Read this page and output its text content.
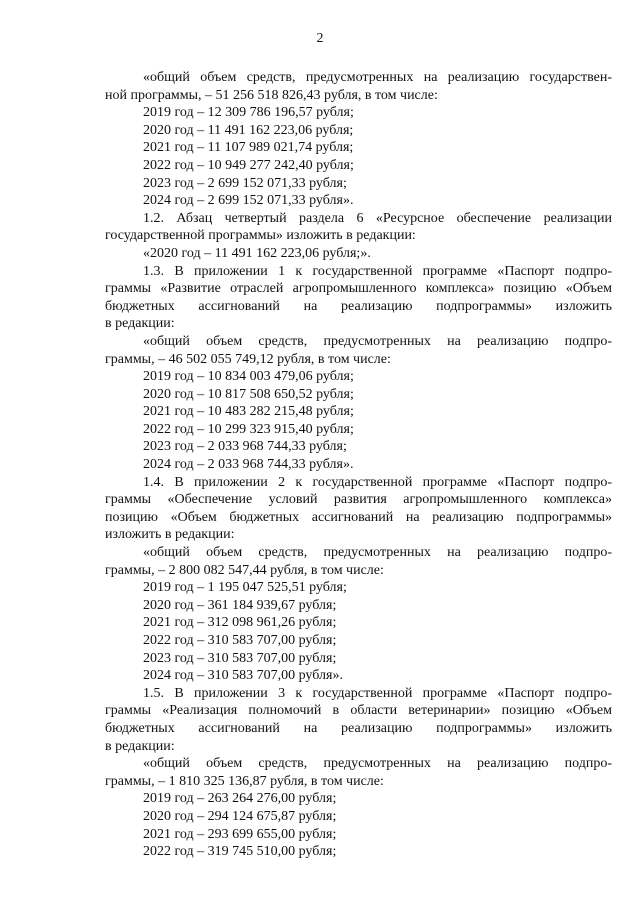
2
«общий объем средств, предусмотренных на реализацию государствен-
ной программы, – 51 256 518 826,43 рубля, в том числе:
2019 год – 12 309 786 196,57 рубля;
2020 год – 11 491 162 223,06 рубля;
2021 год – 11 107 989 021,74 рубля;
2022 год – 10 949 277 242,40 рубля;
2023 год – 2 699 152 071,33 рубля;
2024 год – 2 699 152 071,33 рубля».
1.2. Абзац четвертый раздела 6 «Ресурсное обеспечение реализации
государственной программы» изложить в редакции:
«2020 год – 11 491 162 223,06 рубля;».
1.3. В приложении 1 к государственной программе «Паспорт подпро-
граммы «Развитие отраслей агропромышленного комплекса» позицию «Объем
бюджетных ассигнований на реализацию подпрограммы» изложить
в редакции:
«общий объем средств, предусмотренных на реализацию подпро-
граммы, – 46 502 055 749,12 рубля, в том числе:
2019 год – 10 834 003 479,06 рубля;
2020 год – 10 817 508 650,52 рубля;
2021 год – 10 483 282 215,48 рубля;
2022 год – 10 299 323 915,40 рубля;
2023 год – 2 033 968 744,33 рубля;
2024 год – 2 033 968 744,33 рубля».
1.4. В приложении 2 к государственной программе «Паспорт подпро-
граммы «Обеспечение условий развития агропромышленного комплекса»
позицию «Объем бюджетных ассигнований на реализацию подпрограммы»
изложить в редакции:
«общий объем средств, предусмотренных на реализацию подпро-
граммы, – 2 800 082 547,44 рубля, в том числе:
2019 год – 1 195 047 525,51 рубля;
2020 год – 361 184 939,67 рубля;
2021 год – 312 098 961,26 рубля;
2022 год – 310 583 707,00 рубля;
2023 год – 310 583 707,00 рубля;
2024 год – 310 583 707,00 рубля».
1.5. В приложении 3 к государственной программе «Паспорт подпро-
граммы «Реализация полномочий в области ветеринарии» позицию «Объем
бюджетных ассигнований на реализацию подпрограммы» изложить
в редакции:
«общий объем средств, предусмотренных на реализацию подпро-
граммы, – 1 810 325 136,87 рубля, в том числе:
2019 год – 263 264 276,00 рубля;
2020 год – 294 124 675,87 рубля;
2021 год – 293 699 655,00 рубля;
2022 год – 319 745 510,00 рубля;
